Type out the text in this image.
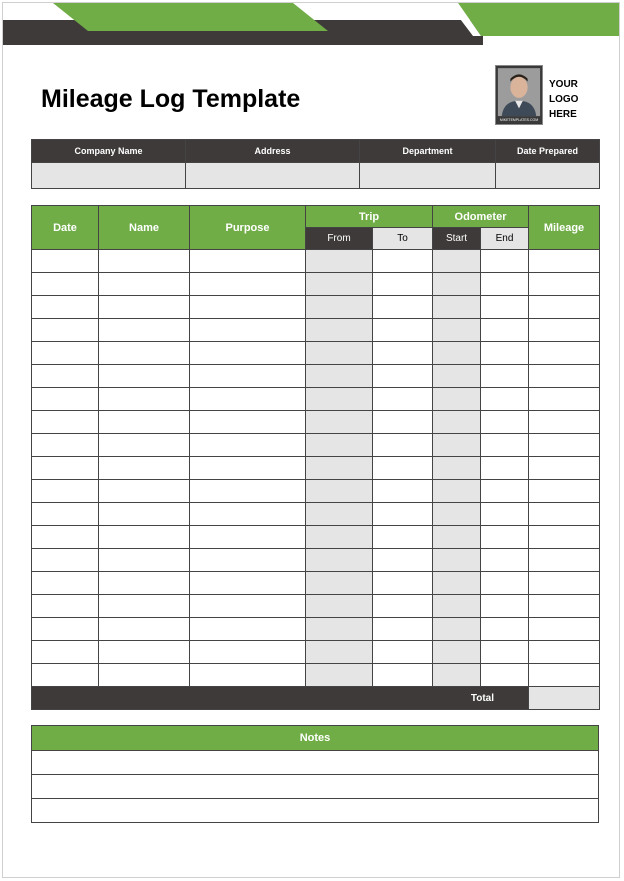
Mileage Log Template
MIKETEMPLATES.COM
YOUR
LOGO
HERE
Company Name	Address	Department	Date Prepared

Date	Name	Purpose	Trip		Odometer		Mileage
			From	To	Start	End	

Total							
Notes
